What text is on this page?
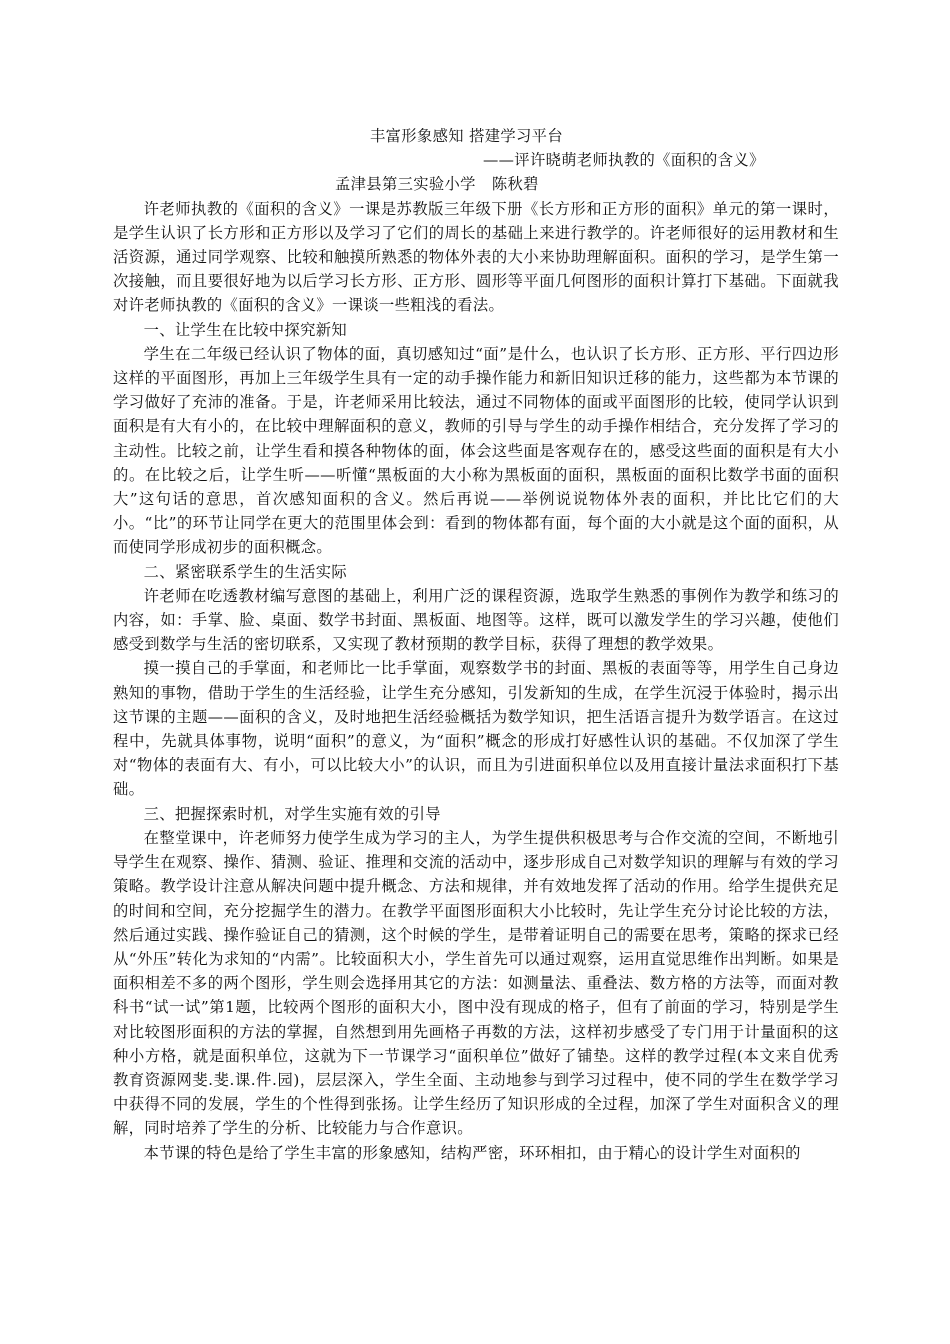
丰富形象感知 搭建学习平台

——评许晓萌老师执教的《面积的含义》

孟津县第三实验小学 陈秋碧

许老师执教的《面积的含义》一课是苏教版三年级下册《长方形和正方形的面积》单元的第一课时，是学生认识了长方形和正方形以及学习了它们的周长的基础上来进行教学的。许老师很好的运用教材和生活资源，通过同学观察、比较和触摸所熟悉的物体外表的大小来协助理解面积。面积的学习，是学生第一次接触，而且要很好地为以后学习长方形、正方形、圆形等平面几何图形的面积计算打下基础。下面就我对许老师执教的《面积的含义》一课谈一些粗浅的看法。

一、让学生在比较中探究新知

学生在二年级已经认识了物体的面，真切感知过“面”是什么，也认识了长方形、正方形、平行四边形这样的平面图形，再加上三年级学生具有一定的动手操作能力和新旧知识迁移的能力，这些都为本节课的学习做好了充沛的准备。于是，许老师采用比较法，通过不同物体的面或平面图形的比较，使同学认识到面积是有大有小的，在比较中理解面积的意义，教师的引导与学生的动手操作相结合，充分发挥了学习的主动性。比较之前，让学生看和摸各种物体的面，体会这些面是客观存在的，感受这些面的面积是有大小的。在比较之后，让学生听——听懂“黑板面的大小称为黑板面的面积，黑板面的面积比数学书面的面积大”这句话的意思，首次感知面积的含义。然后再说——举例说说物体外表的面积，并比比它们的大小。“比”的环节让同学在更大的范围里体会到：看到的物体都有面，每个面的大小就是这个面的面积，从而使同学形成初步的面积概念。

二、紧密联系学生的生活实际

许老师在吃透教材编写意图的基础上，利用广泛的课程资源，选取学生熟悉的事例作为教学和练习的内容，如：手掌、脸、桌面、数学书封面、黑板面、地图等。这样，既可以激发学生的学习兴趣，使他们感受到数学与生活的密切联系，又实现了教材预期的教学目标，获得了理想的教学效果。

摸一摸自己的手掌面，和老师比一比手掌面，观察数学书的封面、黑板的表面等等，用学生自己身边熟知的事物，借助于学生的生活经验，让学生充分感知，引发新知的生成，在学生沉浸于体验时，揭示出这节课的主题——面积的含义，及时地把生活经验概括为数学知识，把生活语言提升为数学语言。在这过程中，先就具体事物，说明“面积”的意义，为“面积”概念的形成打好感性认识的基础。不仅加深了学生对“物体的表面有大、有小，可以比较大小”的认识，而且为引进面积单位以及用直接计量法求面积打下基础。

三、把握探索时机，对学生实施有效的引导

在整堂课中，许老师努力使学生成为学习的主人，为学生提供积极思考与合作交流的空间，不断地引导学生在观察、操作、猜测、验证、推理和交流的活动中，逐步形成自己对数学知识的理解与有效的学习策略。教学设计注意从解决问题中提升概念、方法和规律，并有效地发挥了活动的作用。给学生提供充足的时间和空间，充分挖掘学生的潜力。在教学平面图形面积大小比较时，先让学生充分讨论比较的方法，然后通过实践、操作验证自己的猜测，这个时候的学生，是带着证明自己的需要在思考，策略的探求已经从“外压”转化为求知的“内需”。比较面积大小，学生首先可以通过观察，运用直觉思维作出判断。如果是面积相差不多的两个图形，学生则会选择用其它的方法：如测量法、重叠法、数方格的方法等，而面对教科书“试一试”第1题，比较两个图形的面积大小，图中没有现成的格子，但有了前面的学习，特别是学生对比较图形面积的方法的掌握，自然想到用先画格子再数的方法，这样初步感受了专门用于计量面积的这种小方格，就是面积单位，这就为下一节课学习“面积单位”做好了铺垫。这样的教学过程(本文来自优秀教育资源网斐.斐.课.件.园)，层层深入，学生全面、主动地参与到学习过程中，使不同的学生在数学学习中获得不同的发展，学生的个性得到张扬。让学生经历了知识形成的全过程，加深了学生对面积含义的理解，同时培养了学生的分析、比较能力与合作意识。

本节课的特色是给了学生丰富的形象感知，结构严密，环环相扣，由于精心的设计学生对面积的
